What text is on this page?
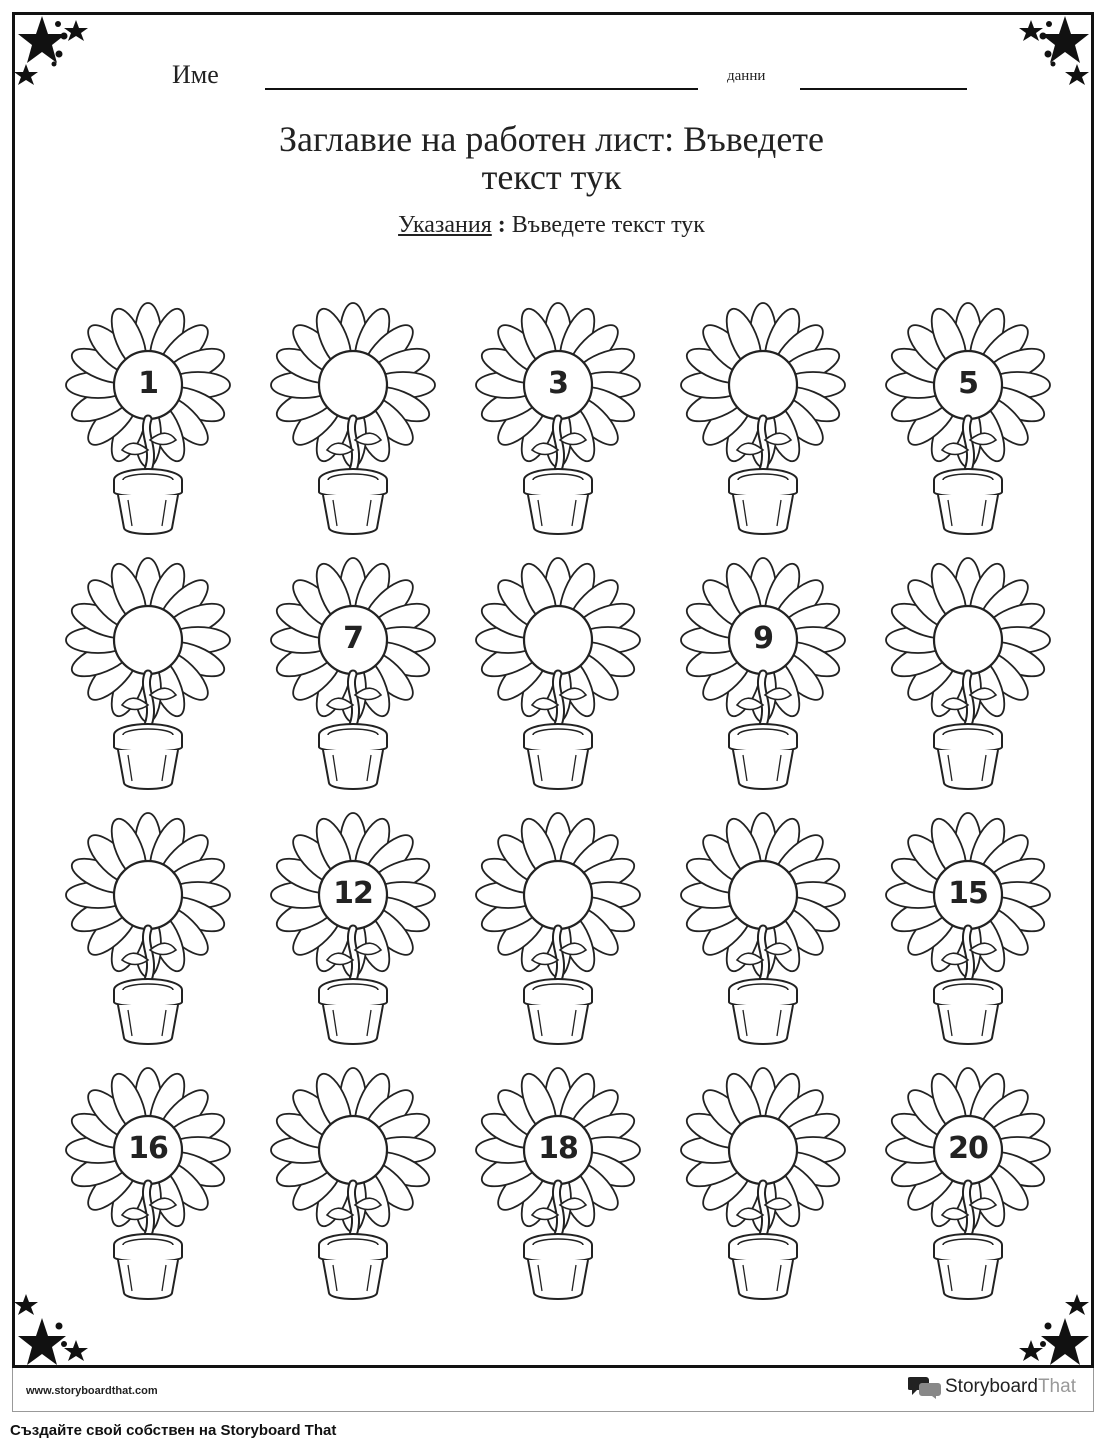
Име	данни
Заглавие на работен лист: Въведете
текст тук
Указания : Въведете текст тук
1	3	5
7	9
12	15
16	18	20
www.storyboardthat.com	Storyboard That
Създайте свой собствен на Storyboard That
